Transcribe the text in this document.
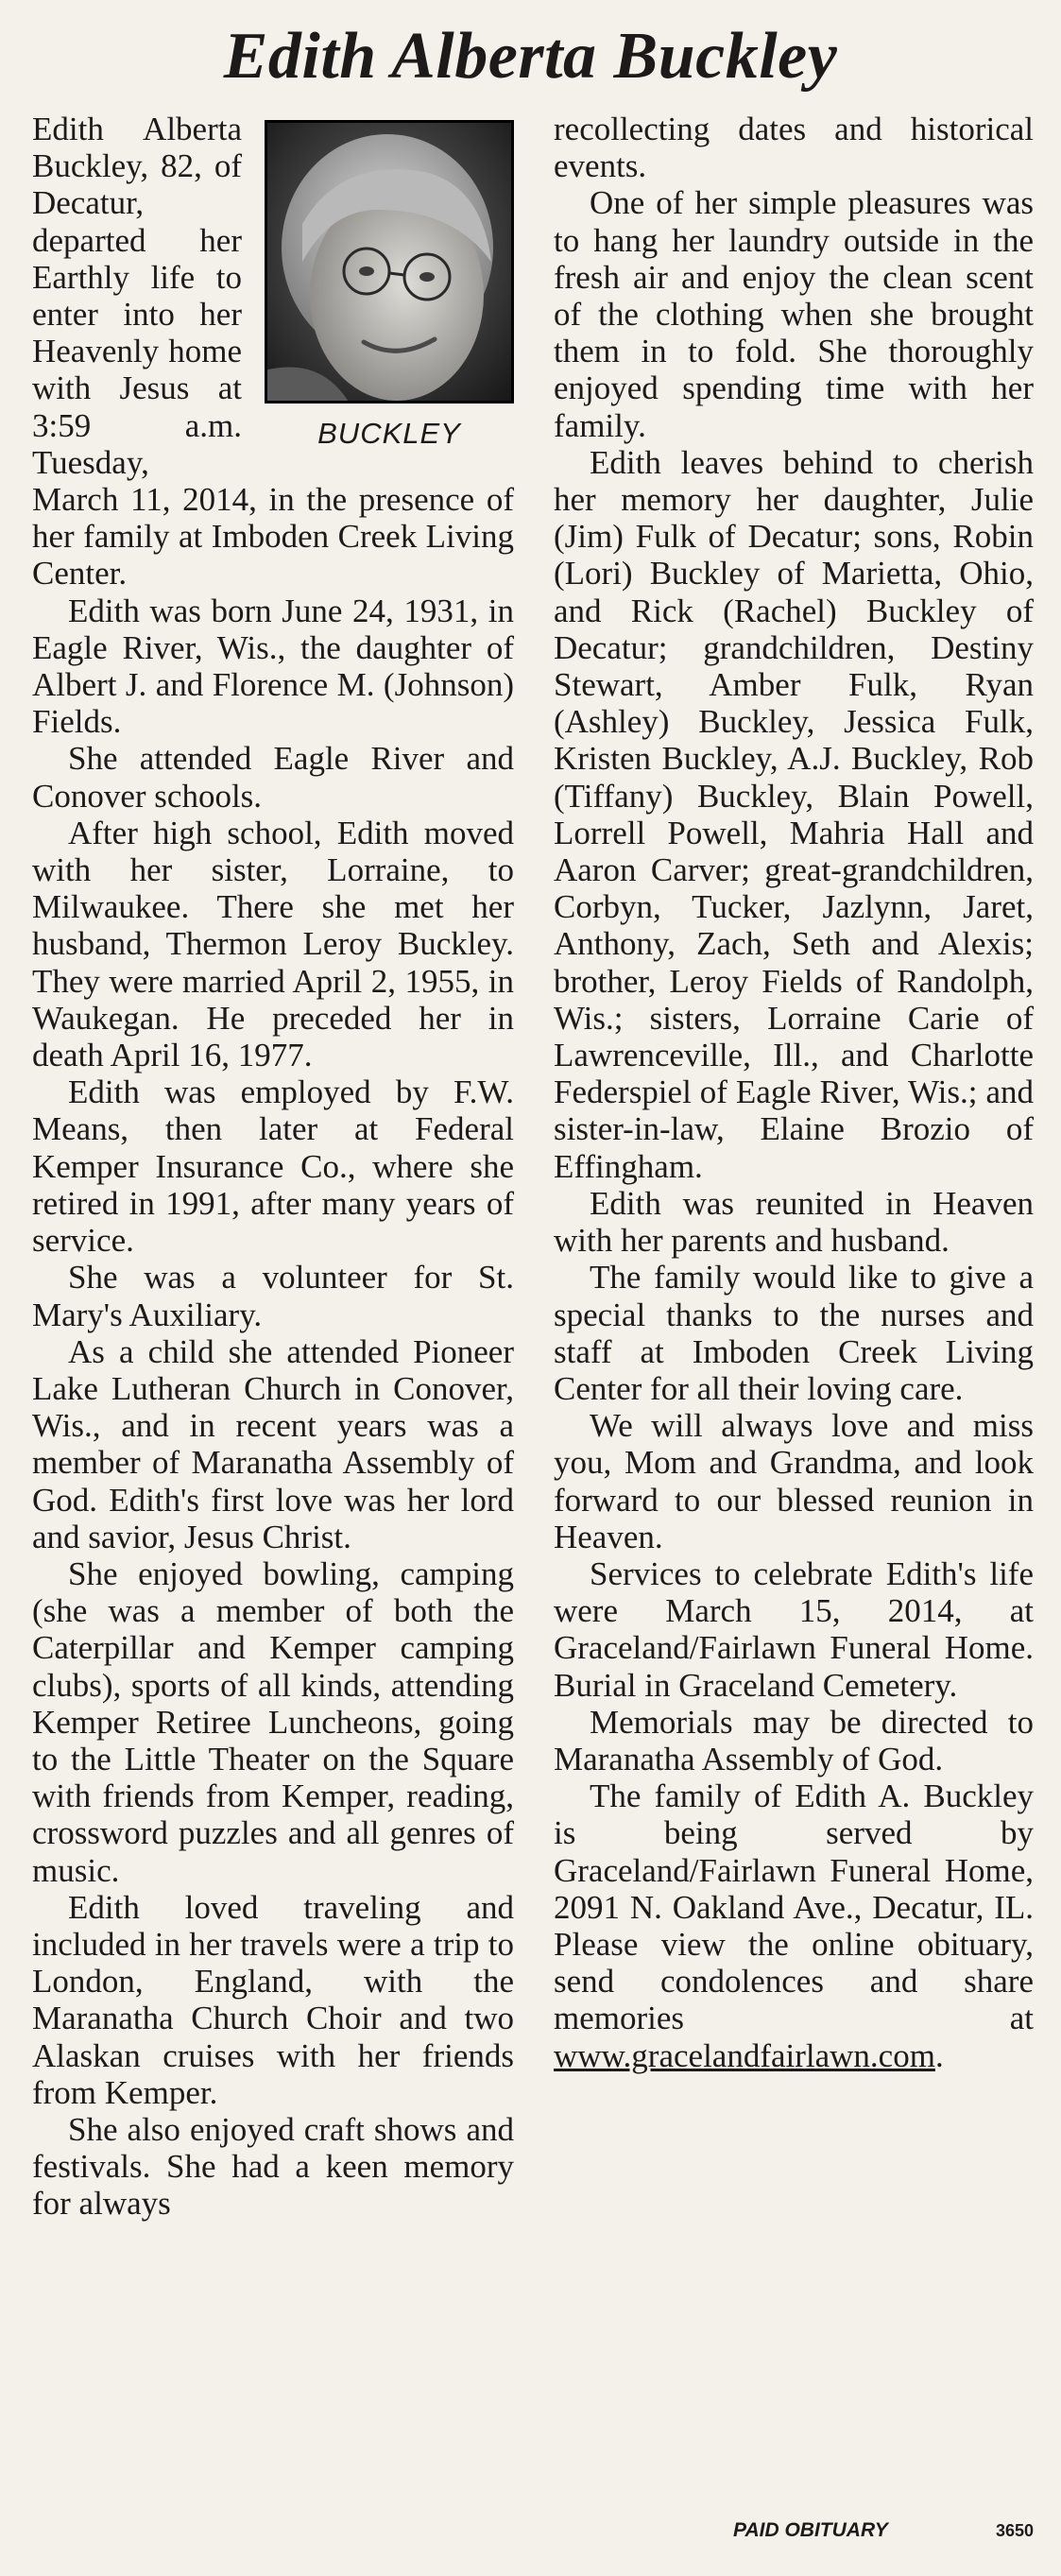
Edith Alberta Buckley
BUCKLEY

Edith Alberta Buckley, 82, of Decatur, departed her Earthly life to enter into her Heavenly home with Jesus at 3:59 a.m. Tuesday, March 11, 2014, in the presence of her family at Imboden Creek Living Center.

Edith was born June 24, 1931, in Eagle River, Wis., the daughter of Albert J. and Florence M. (Johnson) Fields.

She attended Eagle River and Conover schools.

After high school, Edith moved with her sister, Lorraine, to Milwaukee. There she met her husband, Thermon Leroy Buckley. They were married April 2, 1955, in Waukegan. He preceded her in death April 16, 1977.

Edith was employed by F.W. Means, then later at Federal Kemper Insurance Co., where she retired in 1991, after many years of service.

She was a volunteer for St. Mary's Auxiliary.

As a child she attended Pioneer Lake Lutheran Church in Conover, Wis., and in recent years was a member of Maranatha Assembly of God. Edith's first love was her lord and savior, Jesus Christ.

She enjoyed bowling, camping (she was a member of both the Caterpillar and Kemper camping clubs), sports of all kinds, attending Kemper Retiree Luncheons, going to the Little Theater on the Square with friends from Kemper, reading, crossword puzzles and all genres of music.

Edith loved traveling and included in her travels were a trip to London, England, with the Maranatha Church Choir and two Alaskan cruises with her friends from Kemper.

She also enjoyed craft shows and festivals. She had a keen memory for always

recollecting dates and historical events.

One of her simple pleasures was to hang her laundry outside in the fresh air and enjoy the clean scent of the clothing when she brought them in to fold. She thoroughly enjoyed spending time with her family.

Edith leaves behind to cherish her memory her daughter, Julie (Jim) Fulk of Decatur; sons, Robin (Lori) Buckley of Marietta, Ohio, and Rick (Rachel) Buckley of Decatur; grandchildren, Destiny Stewart, Amber Fulk, Ryan (Ashley) Buckley, Jessica Fulk, Kristen Buckley, A.J. Buckley, Rob (Tiffany) Buckley, Blain Powell, Lorrell Powell, Mahria Hall and Aaron Carver; great-grandchildren, Corbyn, Tucker, Jazlynn, Jaret, Anthony, Zach, Seth and Alexis; brother, Leroy Fields of Randolph, Wis.; sisters, Lorraine Carie of Lawrenceville, Ill., and Charlotte Federspiel of Eagle River, Wis.; and sister-in-law, Elaine Brozio of Effingham.

Edith was reunited in Heaven with her parents and husband.

The family would like to give a special thanks to the nurses and staff at Imboden Creek Living Center for all their loving care.

We will always love and miss you, Mom and Grandma, and look forward to our blessed reunion in Heaven.

Services to celebrate Edith's life were March 15, 2014, at Graceland/Fairlawn Funeral Home. Burial in Graceland Cemetery.

Memorials may be directed to Maranatha Assembly of God.

The family of Edith A. Buckley is being served by Graceland/Fairlawn Funeral Home, 2091 N. Oakland Ave., Decatur, IL. Please view the online obituary, send condolences and share memories at www.gracelandfairlawn.com.

PAID OBITUARY	3650
